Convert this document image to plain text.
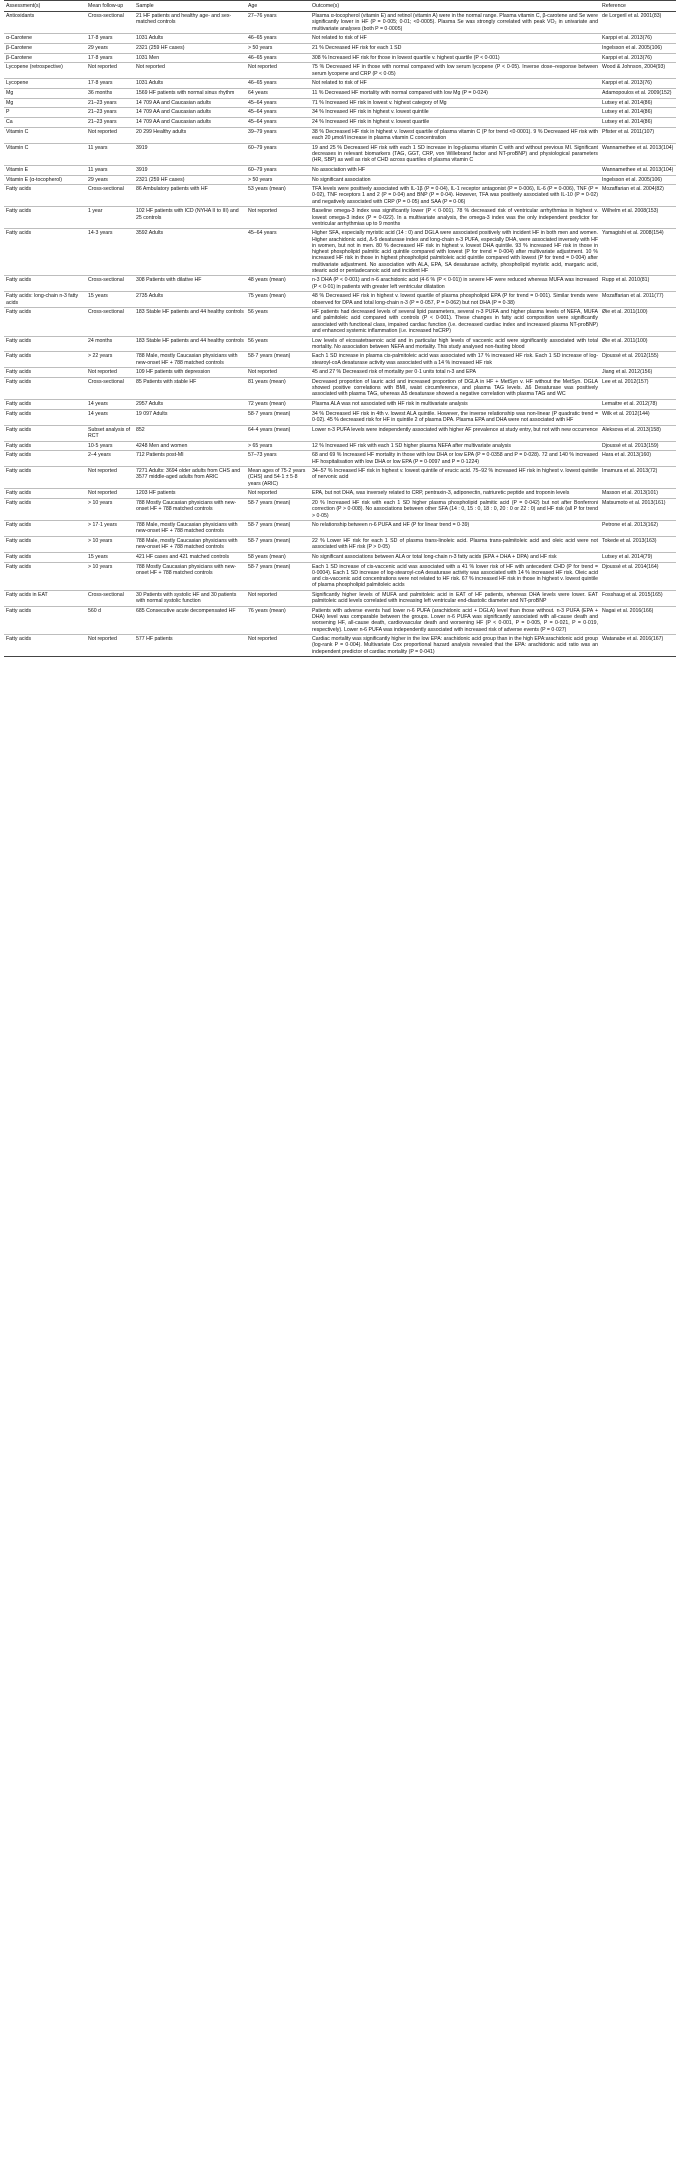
Assessment(s)	Mean follow-up	Sample	Age	Outcome(s)	Reference
Antioxidants	Cross-sectional	21 HF patients and healthy age- and sex-matched controls	27–76 years	Plasma α-tocopherol (vitamin E) and retinol (vitamin A) were in the normal range. Plasma vitamin C, β-carotene and Se were significantly lower in HF (P = 0·005; 0·01; <0·0005). Plasma Se was strongly correlated with peak VO₂ in univariate and multivariate analyses (both P = 0·0005)	de Lorgeril et al. 2001(83)
α-Carotene	17·8 years	1031 Adults	46–65 years	Not related to risk of HF	Karppi et al. 2013(76)
β-Carotene	29 years	2321 (259 HF cases)	> 50 years	21 % Decreased HF risk for each 1 SD	Ingelsson et al. 2005(106)
β-Carotene	17·8 years	1031 Men	46–65 years	308 % Increased HF risk for those in lowest quartile v. highest quartile (P < 0·001)	Karppi et al. 2013(76)
Lycopene (retrospective)	Not reported	Not reported	Not reported	75 % Decreased HF in those with normal compared with low serum lycopene (P < 0·05). Inverse dose–response between serum lycopene and CRP (P < 0·05)	Wood & Johnson, 2004(93)
Lycopene	17·8 years	1031 Adults	46–65 years	Not related to risk of HF	Karppi et al. 2013(76)
Mg	36 months	1569 HF patients with normal sinus rhythm	64 years	11 % Decreased HF mortality with normal compared with low Mg (P = 0·024)	Adamopoulos et al. 2009(152)
Mg	21–23 years	14 709 AA and Caucasian adults	45–64 years	71 % Increased HF risk in lowest v. highest category of Mg	Lutsey et al. 2014(86)
P	21–23 years	14 709 AA and Caucasian adults	45–64 years	34 % Increased HF risk in highest v. lowest quintile	Lutsey et al. 2014(86)
Ca	21–23 years	14 709 AA and Caucasian adults	45–64 years	24 % Increased HF risk in highest v. lowest quartile	Lutsey et al. 2014(86)
Vitamin C	Not reported	20 299 Healthy adults	39–79 years	38 % Decreased HF risk in highest v. lowest quartile of plasma vitamin C (P for trend <0·0001). 9 % Decreased HF risk with each 20 μmol/l increase in plasma vitamin C concentration	Pfister et al. 2011(107)
Vitamin C	11 years	3919	60–79 years	19 and 25 % Decreased HF risk with each 1 SD increase in log-plasma vitamin C with and without previous MI. Significant decreases in relevant biomarkers (TAG, GGT, CRP, von Willebrand factor and NT-proBNP) and physiological parameters (HR, SBP) as well as risk of CHD across quartiles of plasma vitamin C	Wannamethee et al. 2013(104)
Vitamin E	11 years	3919	60–79 years	No association with HF	Wannamethee et al. 2013(104)
Vitamin E (α-tocopherol)	29 years	2321 (259 HF cases)	> 50 years	No significant association	Ingelsson et al. 2005(106)
Fatty acids	Cross-sectional	86 Ambulatory patients with HF	53 years (mean)	TFA levels were positively associated with IL-1β (P = 0·04), IL-1 receptor antagonist (P = 0·006), IL-6 (P = 0·006), TNF (P = 0·02), TNF receptors 1 and 2 (P = 0·04) and BNP (P = 0·04). However, TFA was positively associated with IL-10 (P = 0·02) and negatively associated with CRP (P = 0·05) and SAA (P = 0·06)	Mozaffarian et al. 2004(82)
Fatty acids	1 year	102 HF patients with ICD (NYHA II to III) and 25 controls	Not reported	Baseline omega-3 index was significantly lower (P < 0·001). 78 % decreased risk of ventricular arrhythmias in highest v. lowest omega-3 index (P = 0·022). In a multivariate analysis, the omega-3 index was the only independent predictor for ventricular arrhythmias up to 9 months	Wilhelm et al. 2008(153)
Fatty acids	14·3 years	3592 Adults	45–64 years	Higher SFA, especially myristic acid (14 : 0) and DGLA were associated positively with incident HF in both men and women. Higher arachidonic acid, Δ-5 desaturase index and long-chain n-3 PUFA, especially DHA, were associated inversely with HF in women, but not in men. 80 % decreased HF risk in highest v. lowest DHA quintile. 93 % increased HF risk in those in highest phospholipid palmitic acid quintile compared with lowest (P for trend = 0·004) after multivariate adjustment. 10 % increased HF risk in those in highest phospholipid palmitoleic acid quintile compared with lowest (P for trend = 0·004) after multivariate adjustment. No association with ALA, EPA, SA desaturase activity, phospholipid myristic acid, margaric acid, stearic acid or pentadecanoic acid and incident HF	Yamagishi et al. 2008(154)
Fatty acids	Cross-sectional	308 Patients with dilative HF	48 years (mean)	n-3 DHA (P < 0·001) and n-6 arachidonic acid (4·6 % (P < 0·01)) in severe HF were reduced whereas MUFA was increased (P < 0·01) in patients with greater left ventricular dilatation	Rupp et al. 2010(81)
Fatty acids: long-chain n-3 fatty acids	15 years	2735 Adults	75 years (mean)	48 % Decreased HF risk in highest v. lowest quartile of plasma phospholipid EPA (P for trend = 0·001). Similar trends were observed for DPA and total long-chain n-3 (P = 0·057, P = 0·062) but not DHA (P = 0·38)	Mozaffarian et al. 2011(77)
Fatty acids	Cross-sectional	183 Stable HF patients and 44 healthy controls	56 years	HF patients had decreased levels of several lipid parameters, several n-3 PUFA and higher plasma levels of NEFA, MUFA and palmitoleic acid compared with controls (P < 0·001). These changes in fatty acid composition were significantly associated with functional class, impaired cardiac function (i.e. decreased cardiac index and increased plasma NT-proBNP) and enhanced systemic inflammation (i.e. increased hsCRP)	Øie et al. 2011(100)
Fatty acids	24 months	183 Stable HF patients and 44 healthy controls	56 years	Low levels of eicosatetraenoic acid and in particular high levels of vaccenic acid were significantly associated with total mortality. No association between NEFA and mortality. This study analysed non-fasting blood	Øie et al. 2011(100)
Fatty acids	> 22 years	788 Male, mostly Caucasian physicians with new-onset HF + 788 matched controls	58·7 years (mean)	Each 1 SD increase in plasma cis-palmitoleic acid was associated with 17 % increased HF risk. Each 1 SD increase of log-stearoyl-coA desaturase activity was associated with a 14 % increased HF risk	Djoussé et al. 2012(155)
Fatty acids	Not reported	109 HF patients with depression	Not reported	45 and 27 % Decreased risk of mortality per 0·1 units total n-3 and EPA	Jiang et al. 2012(156)
Fatty acids	Cross-sectional	85 Patients with stable HF	81 years (mean)	Decreased proportion of lauric acid and increased proportion of DGLA in HF + MetSyn v. HF without the MetSyn. DGLA showed positive correlations with BMI, waist circumference, and plasma TAG levels. Δ6 Desaturase was positively associated with plasma TAG, whereas Δ5 desaturase showed a negative correlation with plasma TAG and WC	Lee et al. 2012(157)
Fatty acids	14 years	2957 Adults	72 years (mean)	Plasma ALA was not associated with HF risk in multivariate analysis	Lemaitre et al. 2012(78)
Fatty acids	14 years	19 097 Adults	58·7 years (mean)	34 % Decreased HF risk in 4th v. lowest ALA quintile. However, the inverse relationship was non-linear (P quadratic trend = 0·02). 45 % decreased risk for HF in quintile 2 of plasma DPA. Plasma EPA and DHA were not associated with HF	Wilk et al. 2012(144)
Fatty acids	Subset analysis of RCT	852	64·4 years (mean)	Lower n-3 PUFA levels were independently associated with higher AF prevalence at study entry, but not with new occurrence	Aleksova et al. 2013(158)
Fatty acids	10·5 years	4248 Men and women	> 65 years	12 % Increased HF risk with each 1 SD higher plasma NEFA after multivariate analysis	Djoussé et al. 2013(159)
Fatty acids	2–4 years	712 Patients post-MI	57–73 years	68 and 69 % Increased HF mortality in those with low DHA or low EPA (P = 0·0358 and P = 0·028). 72 and 140 % increased HF hospitalisation with low DHA or low EPA (P = 0·0097 and P = 0·1224)	Hara et al. 2013(160)
Fatty acids	Not reported	7271 Adults: 3694 older adults from CHS and 3577 middle-aged adults from ARIC	Mean ages of 75·2 years (CHS) and 54·1 ± 5·8 years (ARIC)	34–57 % Increased HF risk in highest v. lowest quintile of erucic acid. 75–92 % increased HF risk in highest v. lowest quintile of nervonic acid	Imamura et al. 2013(72)
Fatty acids	Not reported	1203 HF patients	Not reported	EPA, but not DHA, was inversely related to CRP, pentraxin-3, adiponectin, natriuretic peptide and troponin levels	Masson et al. 2013(101)
Fatty acids	> 10 years	788 Mostly Caucasian physicians with new-onset HF + 788 matched controls	58·7 years (mean)	20 % Increased HF risk with each 1 SD higher plasma phospholipid palmitic acid (P = 0·042) but not after Bonferroni correction (P > 0·008). No associations between other SFA (14 : 0, 15 : 0, 18 : 0, 20 : 0 or 22 : 0) and HF risk (all P for trend > 0·05)	Matsumoto et al. 2013(161)
Fatty acids	> 17·1 years	788 Male, mostly Caucasian physicians with new-onset HF + 788 matched controls	58·7 years (mean)	No relationship between n-6 PUFA and HF (P for linear trend = 0·39)	Petrone et al. 2013(162)
Fatty acids	> 10 years	788 Male, mostly Caucasian physicians with new-onset HF + 788 matched controls	58·7 years (mean)	22 % Lower HF risk for each 1 SD of plasma trans-linoleic acid. Plasma trans-palmitoleic acid and oleic acid were not associated with HF risk (P > 0·05)	Tokede et al. 2013(163)
Fatty acids	15 years	421 HF cases and 421 matched controls	58 years (mean)	No significant associations between ALA or total long-chain n-3 fatty acids (EPA + DHA + DPA) and HF risk	Lutsey et al. 2014(79)
Fatty acids	> 10 years	788 Mostly Caucasian physicians with new-onset HF + 788 matched controls	58·7 years (mean)	Each 1 SD increase of cis-vaccenic acid was associated with a 41 % lower risk of HF with antecedent CHD (P for trend = 0·0004). Each 1 SD increase of log-stearoyl-coA desaturase activity was associated with 14 % increased HF risk. Oleic acid and cis-vaccenic acid concentrations were not related to HF risk. 67 % increased HF risk in those in highest v. lowest quintile of plasma phospholipid palmitoleic acids	Djoussé et al. 2014(164)
Fatty acids in EAT	Cross-sectional	30 Patients with systolic HF and 30 patients with normal systolic function	Not reported	Significantly higher levels of MUFA and palmitoleic acid in EAT of HF patients, whereas DHA levels were lower. EAT palmitoleic acid levels correlated with increasing left ventricular end-diastolic diameter and NT-proBNP	Fosshaug et al. 2015(165)
Fatty acids	560 d	685 Consecutive acute decompensated HF	76 years (mean)	Patients with adverse events had lower n-6 PUFA (arachidonic acid + DGLA) level than those without. n-3 PUFA (EPA + DHA) level was comparable between the groups. Lower n-6 PUFA was significantly associated with all-cause death and worsening HF, all-cause death, cardiovascular death and worsening HF (P < 0·001, P = 0·005, P = 0·021, P = 0·019, respectively). Lower n-6 PUFA was independently associated with increased risk of adverse events (P = 0·027)	Nagai et al. 2016(166)
Fatty acids	Not reported	577 HF patients	Not reported	Cardiac mortality was significantly higher in the low EPA: arachidonic acid group than in the high EPA:arachidonic acid group (log-rank P = 0·004). Multivariate Cox proportional hazard analysis revealed that the EPA: arachidonic acid ratio was an independent predictor of cardiac mortality (P = 0·041)	Watanabe et al. 2016(167)
